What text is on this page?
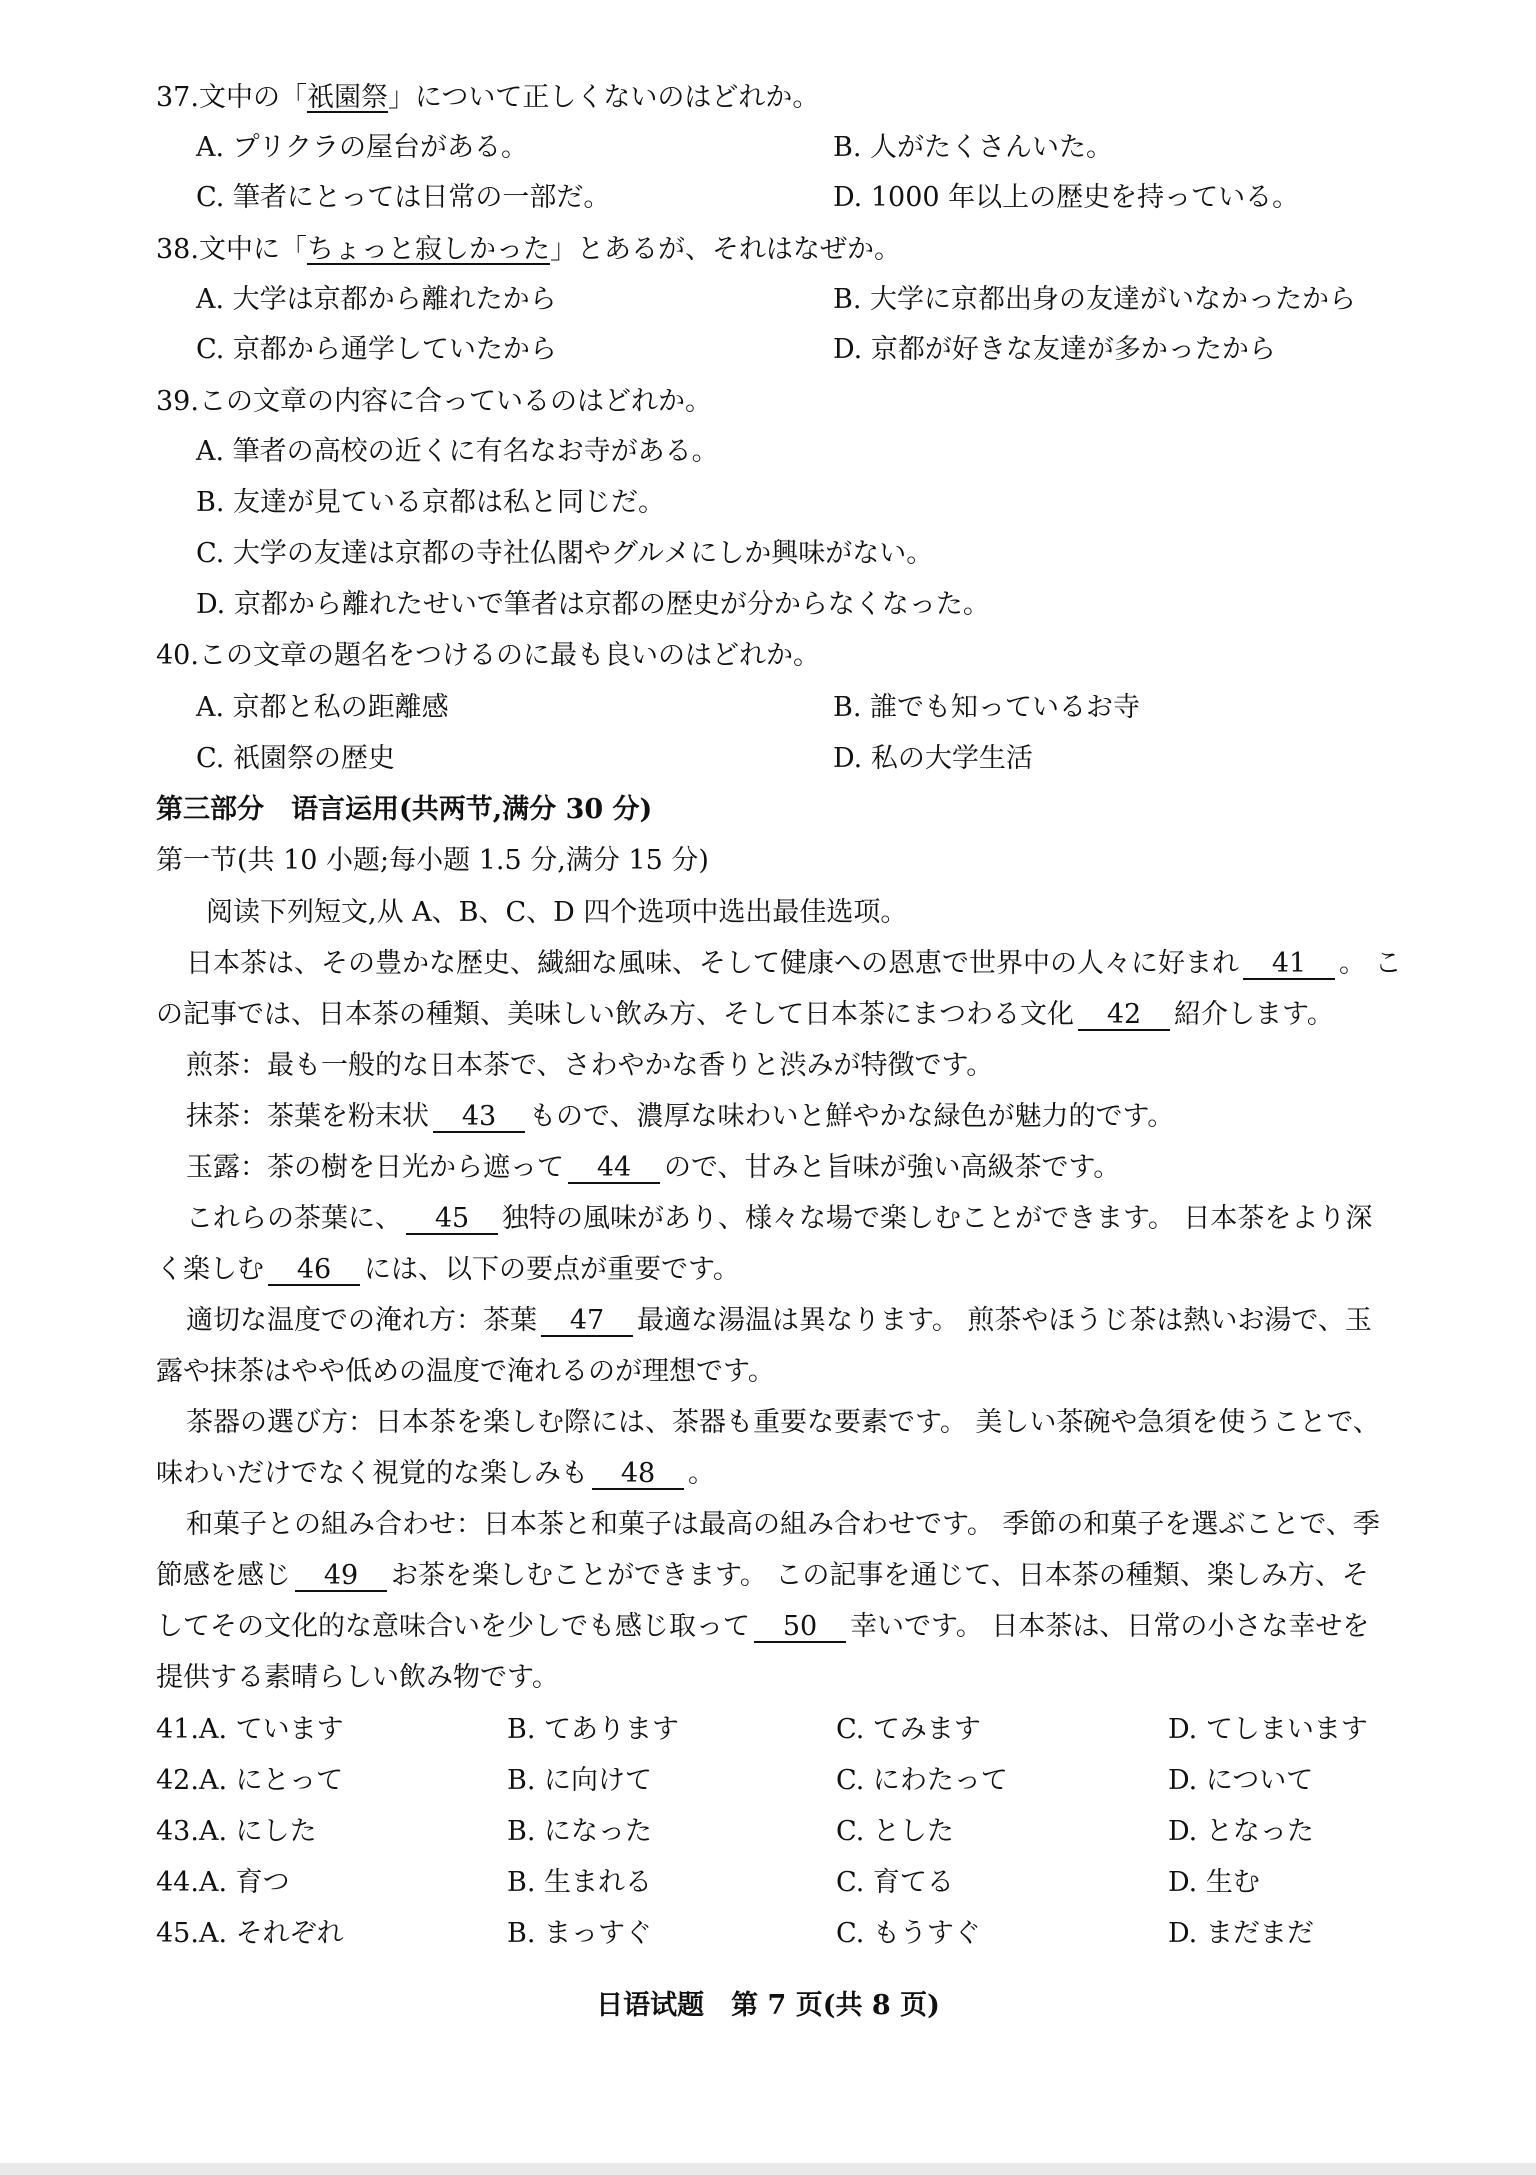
37.文中の「祇園祭」について正しくないのはどれか。
A. プリクラの屋台がある。	B. 人がたくさんいた。
C. 筆者にとっては日常の一部だ。	D. 1000 年以上の歴史を持っている。
38.文中に「ちょっと寂しかった」とあるが、それはなぜか。
A. 大学は京都から離れたから	B. 大学に京都出身の友達がいなかったから
C. 京都から通学していたから	D. 京都が好きな友達が多かったから
39.この文章の内容に合っているのはどれか。
A. 筆者の高校の近くに有名なお寺がある。
B. 友達が見ている京都は私と同じだ。
C. 大学の友達は京都の寺社仏閣やグルメにしか興味がない。
D. 京都から離れたせいで筆者は京都の歴史が分からなくなった。
40.この文章の題名をつけるのに最も良いのはどれか。
A. 京都と私の距離感	B. 誰でも知っているお寺
C. 祇園祭の歴史	D. 私の大学生活
第三部分　语言运用(共两节,满分 30 分)
第一节(共 10 小题;每小题 1.5 分,满分 15 分)
阅读下列短文,从 A、B、C、D 四个选项中选出最佳选项。
日本茶は、その豊かな歴史、繊細な風味、そして健康への恩恵で世界中の人々に好まれ 41 。 こ
の記事では、日本茶の種類、美味しい飲み方、そして日本茶にまつわる文化 42 紹介します。
煎茶：最も一般的な日本茶で、さわやかな香りと渋みが特徴です。
抹茶：茶葉を粉末状 43 もので、濃厚な味わいと鮮やかな緑色が魅力的です。
玉露：茶の樹を日光から遮って 44 ので、甘みと旨味が強い高級茶です。
これらの茶葉に、 45 独特の風味があり、様々な場で楽しむことができます。 日本茶をより深
く楽しむ 46 には、以下の要点が重要です。
適切な温度での淹れ方：茶葉 47 最適な湯温は異なります。 煎茶やほうじ茶は熱いお湯で、玉
露や抹茶はやや低めの温度で淹れるのが理想です。
茶器の選び方：日本茶を楽しむ際には、茶器も重要な要素です。 美しい茶碗や急須を使うことで、
味わいだけでなく視覚的な楽しみも 48 。
和菓子との組み合わせ：日本茶と和菓子は最高の組み合わせです。 季節の和菓子を選ぶことで、季
節感を感じ 49 お茶を楽しむことができます。 この記事を通じて、日本茶の種類、楽しみ方、そ
してその文化的な意味合いを少しでも感じ取って 50 幸いです。 日本茶は、日常の小さな幸せを
提供する素晴らしい飲み物です。
41.A. ています	B. てあります	C. てみます	D. てしまいます
42.A. にとって	B. に向けて	C. にわたって	D. について
43.A. にした	B. になった	C. とした	D. となった
44.A. 育つ	B. 生まれる	C. 育てる	D. 生む
45.A. それぞれ	B. まっすぐ	C. もうすぐ	D. まだまだ
日语试题　第 7 页(共 8 页)
